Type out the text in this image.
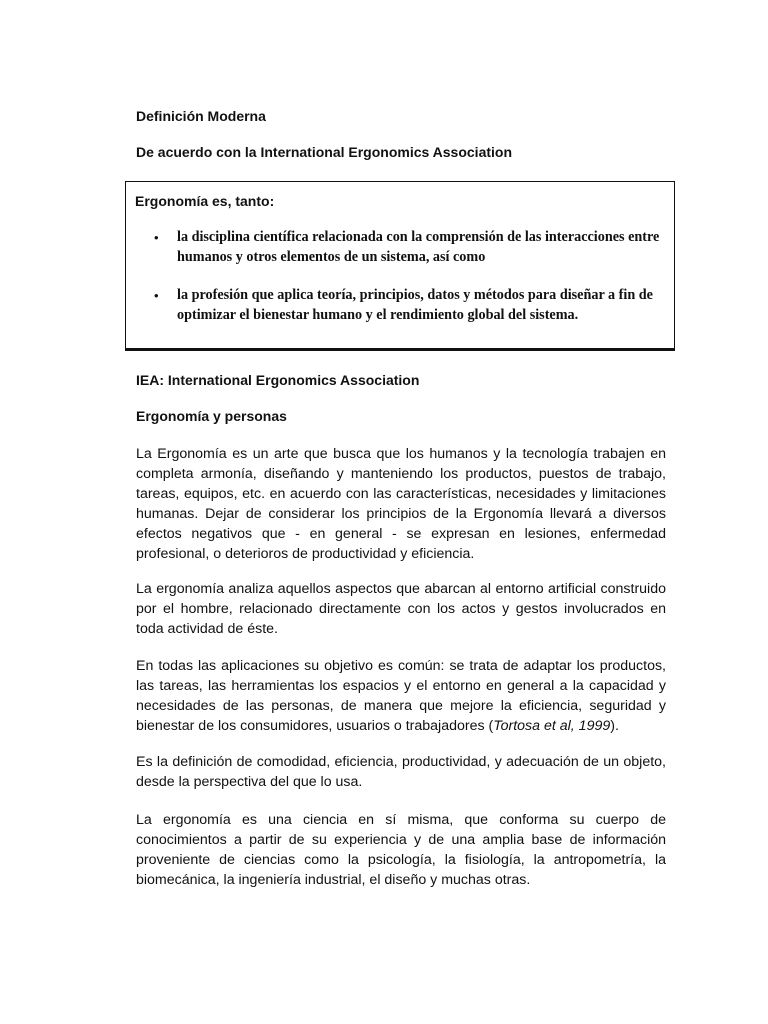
Definición Moderna
De acuerdo con la International Ergonomics Association
Ergonomía es, tanto:
• la disciplina científica relacionada con la comprensión de las interacciones entre humanos y otros elementos de un sistema, así como
• la profesión que aplica teoría, principios, datos y métodos para diseñar a fin de optimizar el bienestar humano y el rendimiento global del sistema.
IEA: International Ergonomics Association
Ergonomía y personas

La Ergonomía es un arte que busca que los humanos y la tecnología trabajen en completa armonía, diseñando y manteniendo los productos, puestos de trabajo, tareas, equipos, etc. en acuerdo con las características, necesidades y limitaciones humanas. Dejar de considerar los principios de la Ergonomía llevará a diversos efectos negativos que - en general - se expresan en lesiones, enfermedad profesional, o deterioros de productividad y eficiencia.

La ergonomía analiza aquellos aspectos que abarcan al entorno artificial construido por el hombre, relacionado directamente con los actos y gestos involucrados en toda actividad de éste.

En todas las aplicaciones su objetivo es común: se trata de adaptar los productos, las tareas, las herramientas los espacios y el entorno en general a la capacidad y necesidades de las personas, de manera que mejore la eficiencia, seguridad y bienestar de los consumidores, usuarios o trabajadores (Tortosa et al, 1999).

Es la definición de comodidad, eficiencia, productividad, y adecuación de un objeto, desde la perspectiva del que lo usa.

La ergonomía es una ciencia en sí misma, que conforma su cuerpo de conocimientos a partir de su experiencia y de una amplia base de información proveniente de ciencias como la psicología, la fisiología, la antropometría, la biomecánica, la ingeniería industrial, el diseño y muchas otras.
